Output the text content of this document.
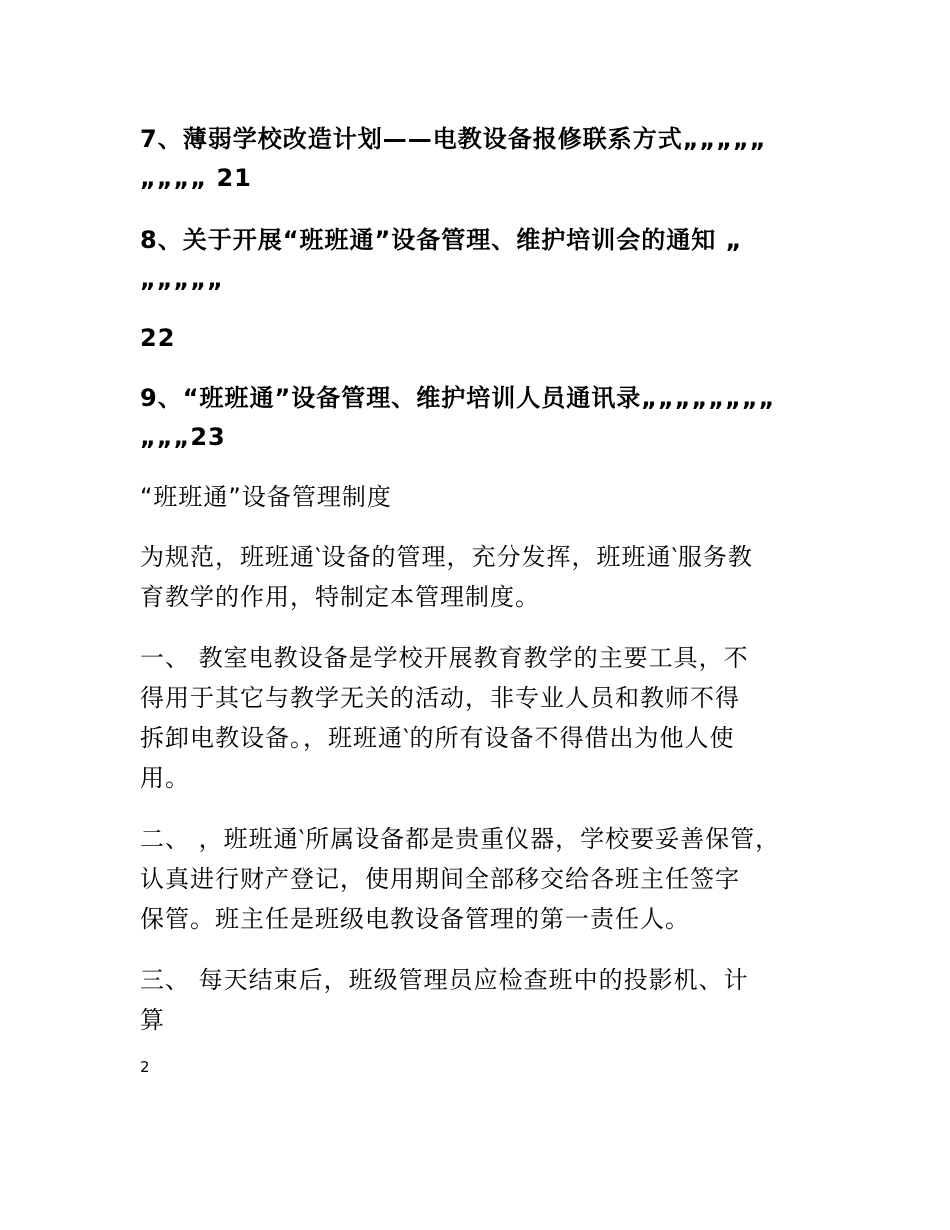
7、薄弱学校改造计划——电教设备报修联系方式„„„„„
„„„„ 21
8、关于开展“班班通”设备管理、维护培训会的通知 „
„„„„„
22
9、“班班通”设备管理、维护培训人员通讯录„„„„„„„„
„„„23
“班班通”设备管理制度
为规范，班班通‵设备的管理，充分发挥，班班通‵服务教
育教学的作用，特制定本管理制度。
一、 教室电教设备是学校开展教育教学的主要工具，不
得用于其它与教学无关的活动，非专业人员和教师不得
拆卸电教设备。，班班通‵的所有设备不得借出为他人使
用。
二、 ，班班通‵所属设备都是贵重仪器，学校要妥善保管，
认真进行财产登记，使用期间全部移交给各班主任签字
保管。班主任是班级电教设备管理的第一责任人。
三、 每天结束后，班级管理员应检查班中的投影机、计
算
2
